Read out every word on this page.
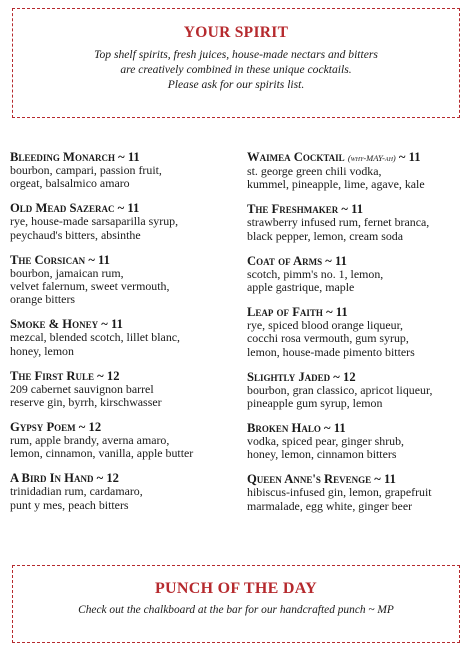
YOUR SPIRIT
Top shelf spirits, fresh juices, house-made nectars and bitters
are creatively combined in these unique cocktails.
Please ask for our spirits list.
Bleeding Monarch ~ 11
bourbon, campari, passion fruit,
orgeat, balsalmico amaro
Old Mead Sazerac ~ 11
rye, house-made sarsaparilla syrup,
peychaud's bitters, absinthe
The Corsican ~ 11
bourbon, jamaican rum,
velvet falernum, sweet vermouth,
orange bitters
Smoke & Honey ~ 11
mezcal, blended scotch, lillet blanc,
honey, lemon
The First Rule ~ 12
209 cabernet sauvignon barrel
reserve gin, byrrh, kirschwasser
Gypsy Poem ~ 12
rum, apple brandy, averna amaro,
lemon, cinnamon, vanilla, apple butter
A Bird In Hand ~ 12
trinidadian rum, cardamaro,
punt y mes, peach bitters
Waimea Cocktail (why-MAY-ah) ~ 11
st. george green chili vodka,
kummel, pineapple, lime, agave, kale
The Freshmaker ~ 11
strawberry infused rum, fernet branca,
black pepper, lemon, cream soda
Coat of Arms ~ 11
scotch, pimm's no. 1, lemon,
apple gastrique, maple
Leap of Faith ~ 11
rye, spiced blood orange liqueur,
cocchi rosa vermouth, gum syrup,
lemon, house-made pimento bitters
Slightly Jaded ~ 12
bourbon, gran classico, apricot liqueur,
pineapple gum syrup, lemon
Broken Halo ~ 11
vodka, spiced pear, ginger shrub,
honey, lemon, cinnamon bitters
Queen Anne's Revenge ~ 11
hibiscus-infused gin, lemon, grapefruit
marmalade, egg white, ginger beer
PUNCH OF THE DAY
Check out the chalkboard at the bar for our handcrafted punch ~ MP
